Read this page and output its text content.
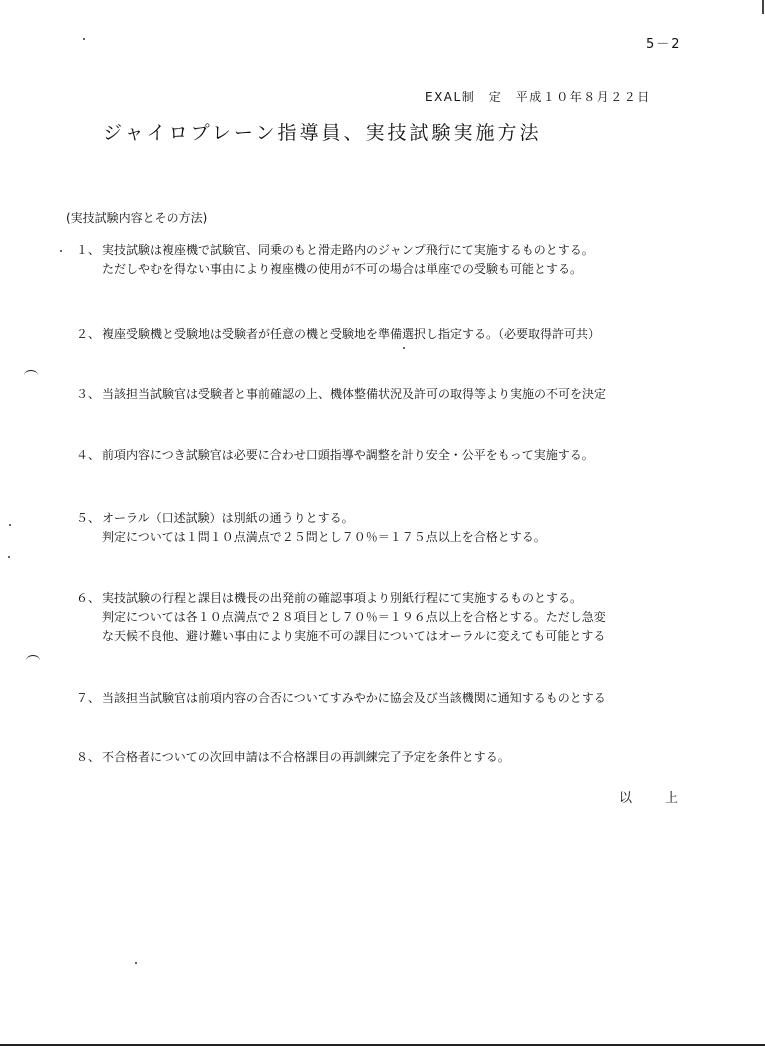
5－2
EXAL制　定　平成１０年８月２２日
ジャイロプレーン指導員、実技試験実施方法
(実技試験内容とその方法)
１、 実技試験は複座機で試験官、同乗のもと滑走路内のジャンプ飛行にて実施するものとする。
ただしやむを得ない事由により複座機の使用が不可の場合は単座での受験も可能とする。
２、 複座受験機と受験地は受験者が任意の機と受験地を準備選択し指定する。（必要取得許可共）
３、 当該担当試験官は受験者と事前確認の上、機体整備状況及許可の取得等より実施の不可を決定
４、 前項内容につき試験官は必要に合わせ口頭指導や調整を計り安全・公平をもって実施する。
５、 オーラル（口述試験）は別紙の通うりとする。
判定については１問１０点満点で２５問とし７０％＝１７５点以上を合格とする。
６、 実技試験の行程と課目は機長の出発前の確認事項より別紙行程にて実施するものとする。
判定については各１０点満点で２８項目とし７０％＝１９６点以上を合格とする。ただし急変
な天候不良他、避け難い事由により実施不可の課目についてはオーラルに変えても可能とする
７、 当該担当試験官は前項内容の合否についてすみやかに協会及び当該機関に通知するものとする
８、 不合格者についての次回申請は不合格課目の再訓練完了予定を条件とする。
以　上
